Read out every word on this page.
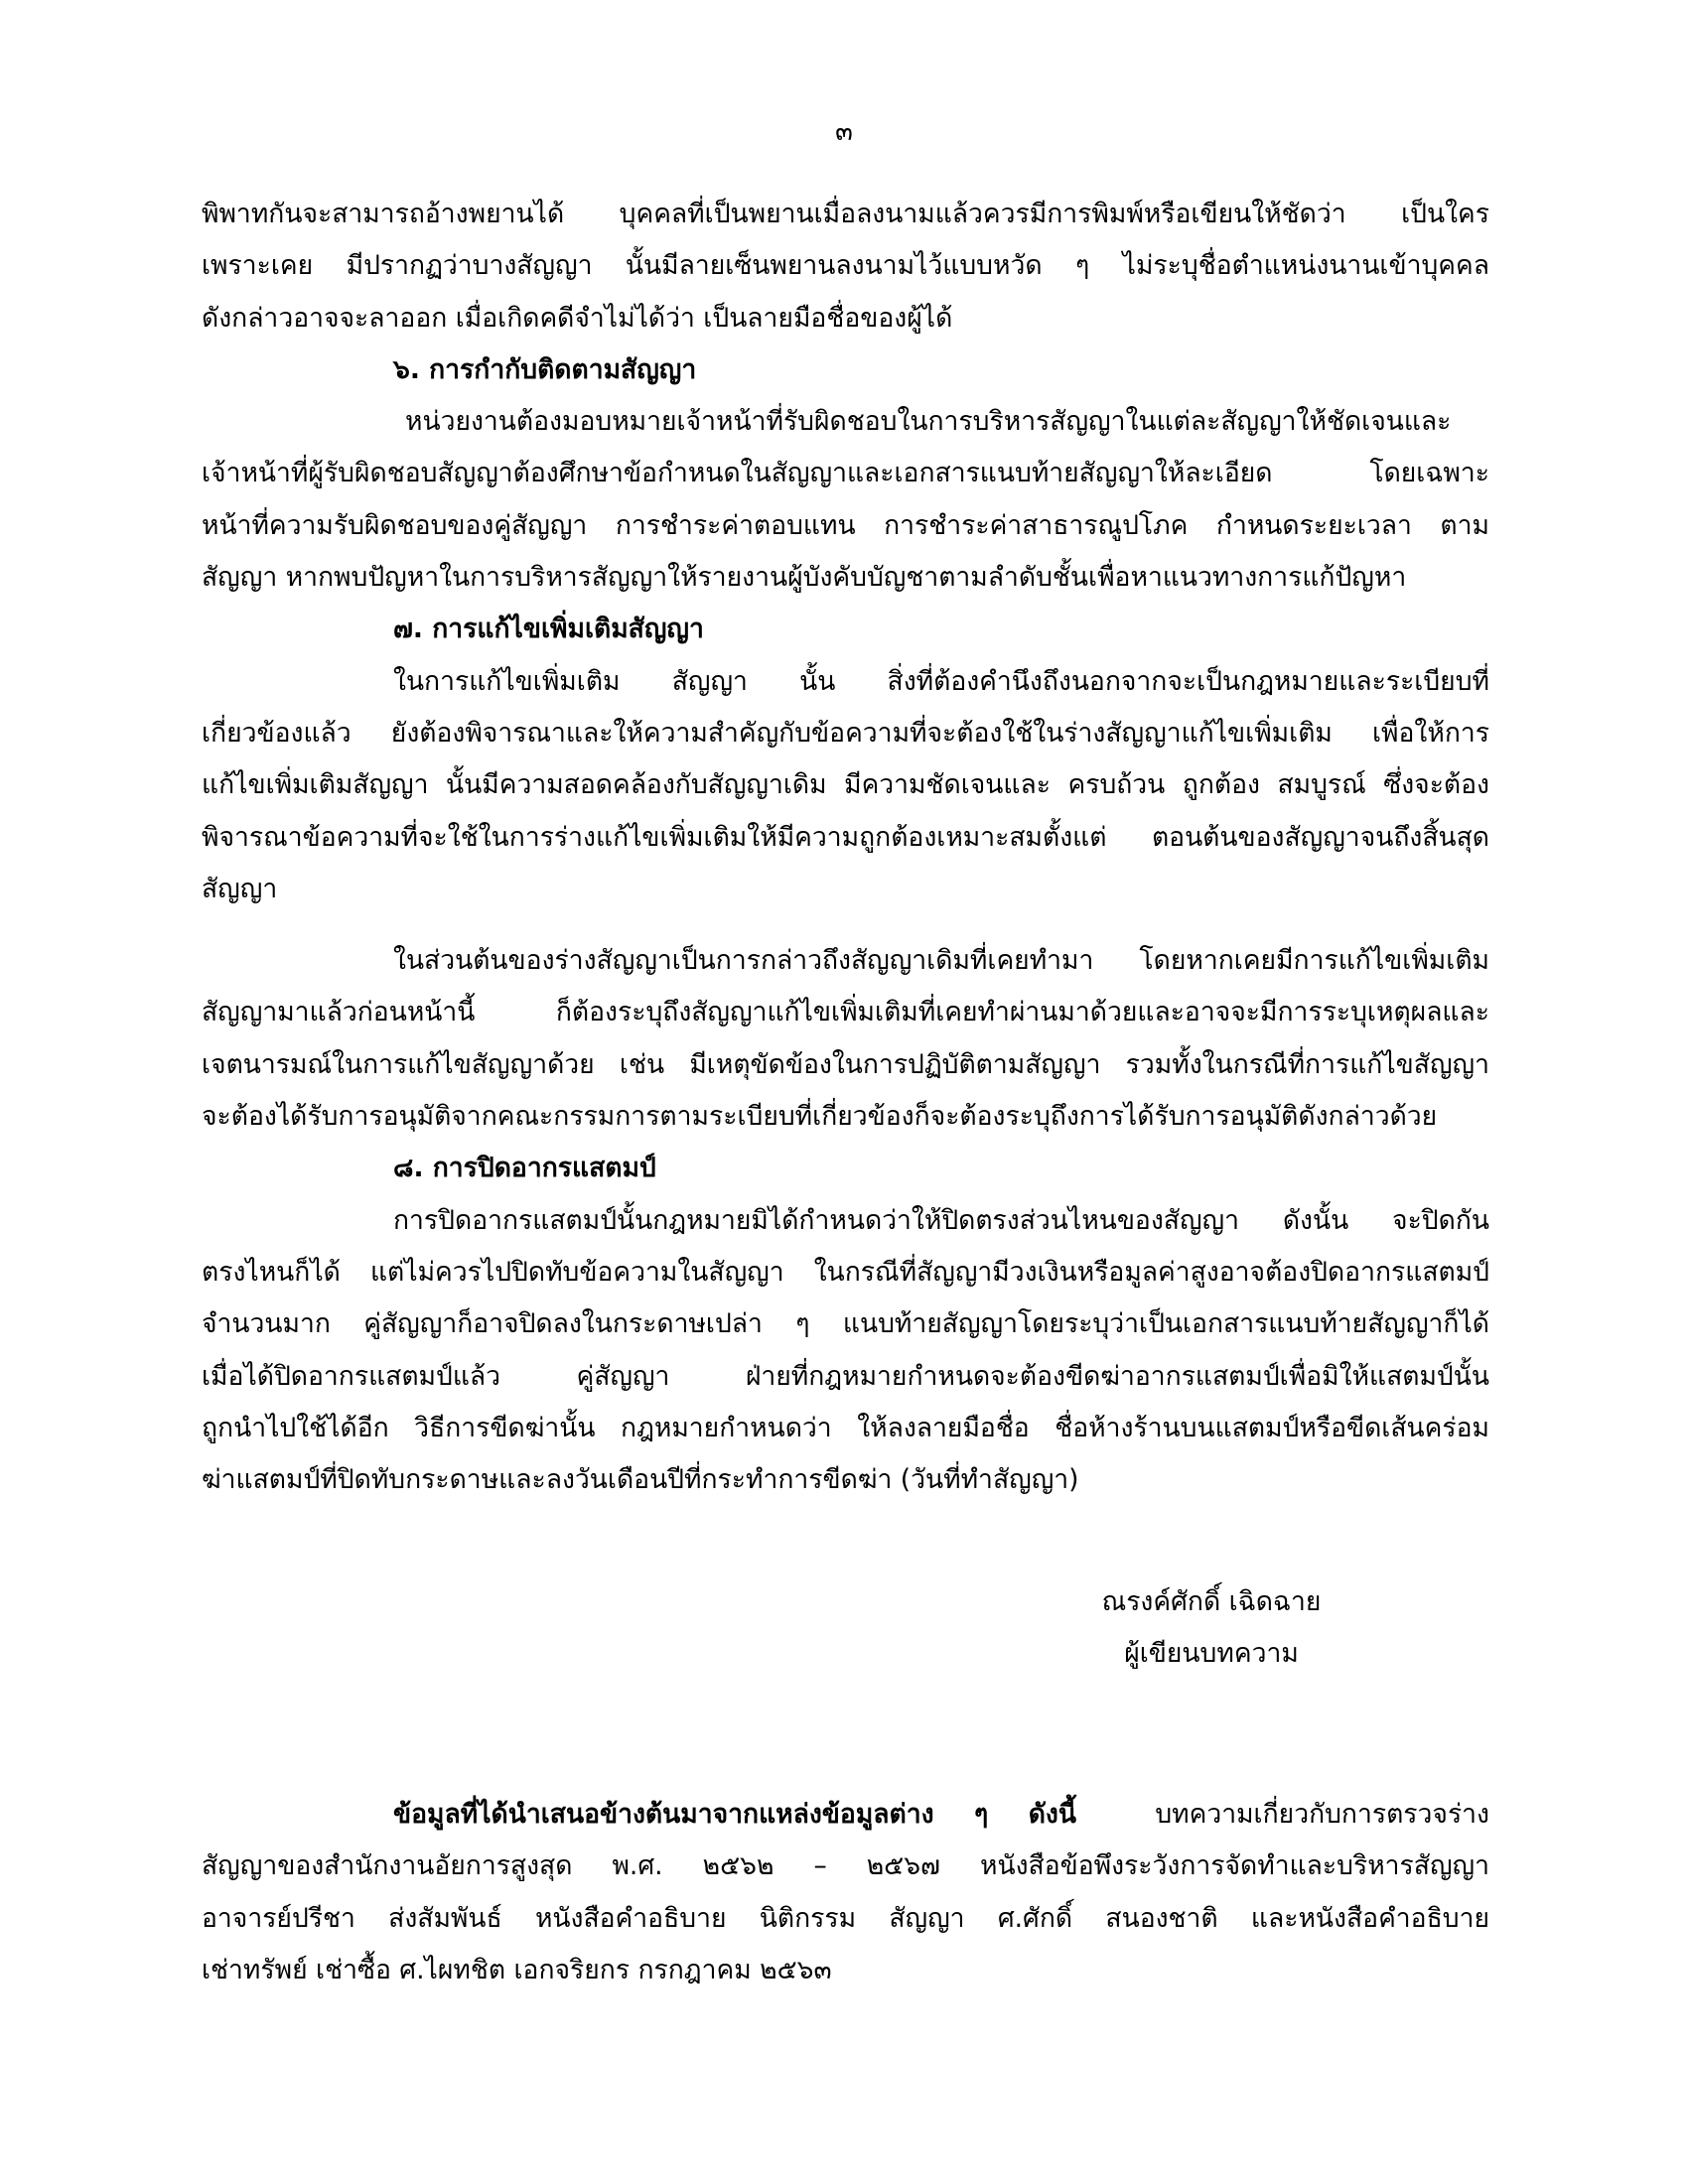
๓

พิพาทกันจะสามารถอ้างพยานได้ บุคคลที่เป็นพยานเมื่อลงนามแล้วควรมีการพิมพ์หรือเขียนให้ชัดว่า เป็นใคร

เพราะเคย มีปรากฏว่าบางสัญญา นั้นมีลายเซ็นพยานลงนามไว้แบบหวัด ๆ ไม่ระบุชื่อตำแหน่งนานเข้าบุคคล

ดังกล่าวอาจจะลาออก เมื่อเกิดคดีจำไม่ได้ว่า เป็นลายมือชื่อของผู้ได้

๖. การกำกับติดตามสัญญา

หน่วยงานต้องมอบหมายเจ้าหน้าที่รับผิดชอบในการบริหารสัญญาในแต่ละสัญญาให้ชัดเจนและ

เจ้าหน้าที่ผู้รับผิดชอบสัญญาต้องศึกษาข้อกำหนดในสัญญาและเอกสารแนบท้ายสัญญาให้ละเอียด โดยเฉพาะ

หน้าที่ความรับผิดชอบของคู่สัญญา การชำระค่าตอบแทน การชำระค่าสาธารณูปโภค กำหนดระยะเวลา ตาม

สัญญา หากพบปัญหาในการบริหารสัญญาให้รายงานผู้บังคับบัญชาตามลำดับชั้นเพื่อหาแนวทางการแก้ปัญหา

๗. การแก้ไขเพิ่มเติมสัญญา

ในการแก้ไขเพิ่มเติม สัญญา นั้น สิ่งที่ต้องคำนึงถึงนอกจากจะเป็นกฎหมายและระเบียบที่

เกี่ยวข้องแล้ว ยังต้องพิจารณาและให้ความสำคัญกับข้อความที่จะต้องใช้ในร่างสัญญาแก้ไขเพิ่มเติม เพื่อให้การ

แก้ไขเพิ่มเติมสัญญา นั้นมีความสอดคล้องกับสัญญาเดิม มีความชัดเจนและ ครบถ้วน ถูกต้อง สมบูรณ์ ซึ่งจะต้อง

พิจารณาข้อความที่จะใช้ในการร่างแก้ไขเพิ่มเติมให้มีความถูกต้องเหมาะสมตั้งแต่ ตอนต้นของสัญญาจนถึงสิ้นสุด

สัญญา

ในส่วนต้นของร่างสัญญาเป็นการกล่าวถึงสัญญาเดิมที่เคยทำมา โดยหากเคยมีการแก้ไขเพิ่มเติม

สัญญามาแล้วก่อนหน้านี้ ก็ต้องระบุถึงสัญญาแก้ไขเพิ่มเติมที่เคยทำผ่านมาด้วยและอาจจะมีการระบุเหตุผลและ

เจตนารมณ์ในการแก้ไขสัญญาด้วย เช่น มีเหตุขัดข้องในการปฏิบัติตามสัญญา รวมทั้งในกรณีที่การแก้ไขสัญญา

จะต้องได้รับการอนุมัติจากคณะกรรมการตามระเบียบที่เกี่ยวข้องก็จะต้องระบุถึงการได้รับการอนุมัติดังกล่าวด้วย

๘. การปิดอากรแสตมป์

การปิดอากรแสตมป์นั้นกฎหมายมิได้กำหนดว่าให้ปิดตรงส่วนไหนของสัญญา ดังนั้น จะปิดกัน

ตรงไหนก็ได้ แต่ไม่ควรไปปิดทับข้อความในสัญญา ในกรณีที่สัญญามีวงเงินหรือมูลค่าสูงอาจต้องปิดอากรแสตมป์

จำนวนมาก คู่สัญญาก็อาจปิดลงในกระดาษเปล่า ๆ แนบท้ายสัญญาโดยระบุว่าเป็นเอกสารแนบท้ายสัญญาก็ได้

เมื่อได้ปิดอากรแสตมป์แล้ว คู่สัญญา ฝ่ายที่กฎหมายกำหนดจะต้องขีดฆ่าอากรแสตมป์เพื่อมิให้แสตมป์นั้น

ถูกนำไปใช้ได้อีก วิธีการขีดฆ่านั้น กฎหมายกำหนดว่า ให้ลงลายมือชื่อ ชื่อห้างร้านบนแสตมป์หรือขีดเส้นคร่อม

ฆ่าแสตมป์ที่ปิดทับกระดาษและลงวันเดือนปีที่กระทำการขีดฆ่า (วันที่ทำสัญญา)

ณรงค์ศักดิ์ เฉิดฉาย
ผู้เขียนบทความ

ข้อมูลที่ได้นำเสนอข้างต้นมาจากแหล่งข้อมูลต่าง ๆ ดังนี้	บทความเกี่ยวกับการตรวจร่าง

สัญญาของสำนักงานอัยการสูงสุด พ.ศ. ๒๕๖๒ – ๒๕๖๗ หนังสือข้อพึงระวังการจัดทำและบริหารสัญญา

อาจารย์ปรีชา ส่งสัมพันธ์ หนังสือคำอธิบาย นิติกรรม สัญญา ศ.ศักดิ์ สนองชาติ และหนังสือคำอธิบาย

เช่าทรัพย์ เช่าซื้อ ศ.ไผทชิต เอกจริยกร กรกฎาคม ๒๕๖๓
